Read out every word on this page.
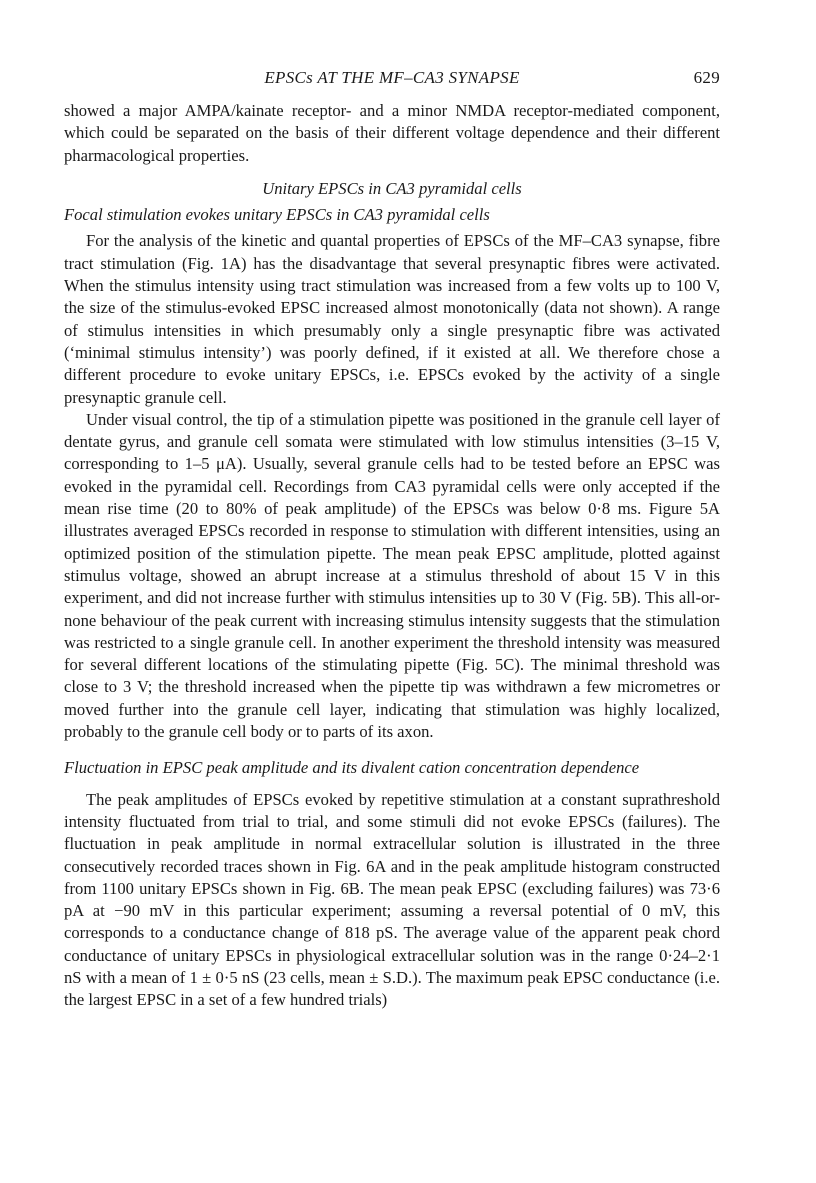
EPSCs AT THE MF–CA3 SYNAPSE	629

showed a major AMPA/kainate receptor- and a minor NMDA receptor-mediated component, which could be separated on the basis of their different voltage dependence and their different pharmacological properties.

Unitary EPSCs in CA3 pyramidal cells
Focal stimulation evokes unitary EPSCs in CA3 pyramidal cells

For the analysis of the kinetic and quantal properties of EPSCs of the MF–CA3 synapse, fibre tract stimulation (Fig. 1A) has the disadvantage that several presynaptic fibres were activated. When the stimulus intensity using tract stimulation was increased from a few volts up to 100 V, the size of the stimulus-evoked EPSC increased almost monotonically (data not shown). A range of stimulus intensities in which presumably only a single presynaptic fibre was activated (‘minimal stimulus intensity’) was poorly defined, if it existed at all. We therefore chose a different procedure to evoke unitary EPSCs, i.e. EPSCs evoked by the activity of a single presynaptic granule cell.

Under visual control, the tip of a stimulation pipette was positioned in the granule cell layer of dentate gyrus, and granule cell somata were stimulated with low stimulus intensities (3–15 V, corresponding to 1–5 μA). Usually, several granule cells had to be tested before an EPSC was evoked in the pyramidal cell. Recordings from CA3 pyramidal cells were only accepted if the mean rise time (20 to 80% of peak amplitude) of the EPSCs was below 0·8 ms. Figure 5A illustrates averaged EPSCs recorded in response to stimulation with different intensities, using an optimized position of the stimulation pipette. The mean peak EPSC amplitude, plotted against stimulus voltage, showed an abrupt increase at a stimulus threshold of about 15 V in this experiment, and did not increase further with stimulus intensities up to 30 V (Fig. 5B). This all-or-none behaviour of the peak current with increasing stimulus intensity suggests that the stimulation was restricted to a single granule cell. In another experiment the threshold intensity was measured for several different locations of the stimulating pipette (Fig. 5C). The minimal threshold was close to 3 V; the threshold increased when the pipette tip was withdrawn a few micrometres or moved further into the granule cell layer, indicating that stimulation was highly localized, probably to the granule cell body or to parts of its axon.

Fluctuation in EPSC peak amplitude and its divalent cation concentration dependence

The peak amplitudes of EPSCs evoked by repetitive stimulation at a constant suprathreshold intensity fluctuated from trial to trial, and some stimuli did not evoke EPSCs (failures). The fluctuation in peak amplitude in normal extracellular solution is illustrated in the three consecutively recorded traces shown in Fig. 6A and in the peak amplitude histogram constructed from 1100 unitary EPSCs shown in Fig. 6B. The mean peak EPSC (excluding failures) was 73·6 pA at −90 mV in this particular experiment; assuming a reversal potential of 0 mV, this corresponds to a conductance change of 818 pS. The average value of the apparent peak chord conductance of unitary EPSCs in physiological extracellular solution was in the range 0·24–2·1 nS with a mean of 1 ± 0·5 nS (23 cells, mean ± S.D.). The maximum peak EPSC conductance (i.e. the largest EPSC in a set of a few hundred trials)
